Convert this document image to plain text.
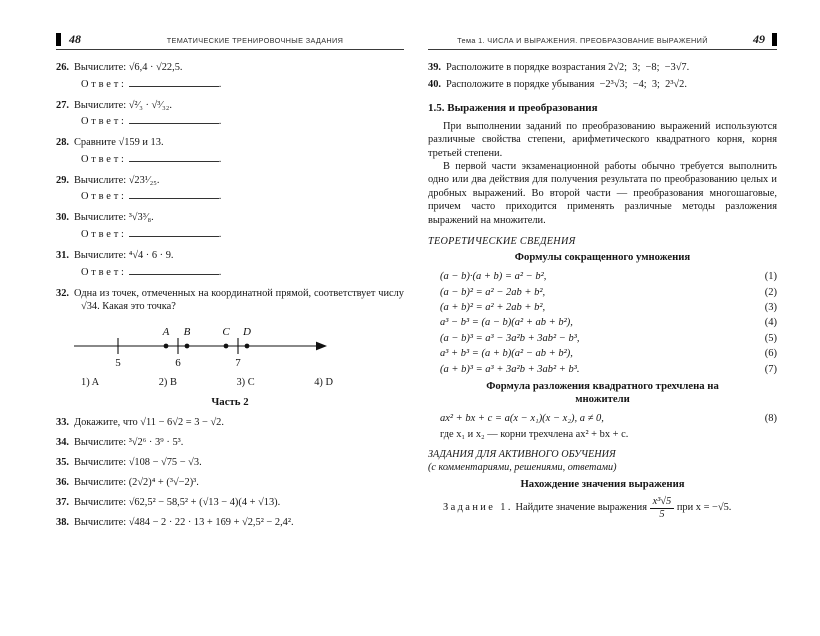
48	ТЕМАТИЧЕСКИЕ ТРЕНИРОВОЧНЫЕ ЗАДАНИЯ
26. Вычислите: √6,4 · √22,5.
Ответ:	.
27. Вычислите: √²⁄₃ · √³⁄₃₂.
Ответ:	.
28. Сравните √159 и 13.
Ответ:	.
29. Вычислите: √23¹⁄₂₅.
Ответ:	.
30. Вычислите: ³√3³⁄₈.
Ответ:	.
31. Вычислите: ⁴√4 · 6 · 9.
Ответ:	.
32. Одна из точек, отмеченных на координатной прямой, соответствует числу √34. Какая это точка?
A B	C D
5	6	7
1) A	2) B	3) C	4) D
Часть 2
33. Докажите, что √11 − 6√2 = 3 − √2.
34. Вычислите: ³√2⁶ · 3⁹ · 5³.
35. Вычислите: √108 − √75 − √3.
36. Вычислите: (2√2)⁴ + (³√−2)³.
37. Вычислите: √62,5² − 58,5² + (√13 − 4)(4 + √13).
38. Вычислите: √484 − 2 · 22 · 13 + 169 + √2,5² − 2,4².
Тема 1. ЧИСЛА И ВЫРАЖЕНИЯ. ПРЕОБРАЗОВАНИЕ ВЫРАЖЕНИЙ	49
39. Расположите в порядке возрастания 2√2;  3;  −8;  −3√7.
40. Расположите в порядке убывания  −2³√3;  −4;  3;  2³√2.
1.5. Выражения и преобразования

При выполнении заданий по преобразованию выражений используются различные свойства степени, арифметического квадратного корня, корня третьей степени.

В первой части экзаменационной работы обычно требуется выполнить одно или два действия для получения результата по преобразованию целых и дробных выражений. Во второй части — преобразования многошаговые, причем часто приходится применять различные методы разложения выражений на множители.

ТЕОРЕТИЧЕСКИЕ СВЕДЕНИЯ
Формулы сокращенного умножения
(a − b)·(a + b) = a² − b²,	(1)
(a − b)² = a² − 2ab + b²,	(2)
(a + b)² = a² + 2ab + b²,	(3)
a³ − b³ = (a − b)(a² + ab + b²),	(4)
(a − b)³ = a³ − 3a²b + 3ab² − b³,	(5)
a³ + b³ = (a + b)(a² − ab + b²),	(6)
(a + b)³ = a³ + 3a²b + 3ab² + b³.	(7)
Формула разложения квадратного трехчлена на множители
ax² + bx + c = a(x − x₁)(x − x₂), a ≠ 0,	(8)
где x₁ и x₂ — корни трехчлена ax² + bx + c.
ЗАДАНИЯ ДЛЯ АКТИВНОГО ОБУЧЕНИЯ
(с комментариями, решениями, ответами)
Нахождение значения выражения
Задание 1. Найдите значение выражения $\frac{\text{x³√5}}{5}$ при x = −√5.
